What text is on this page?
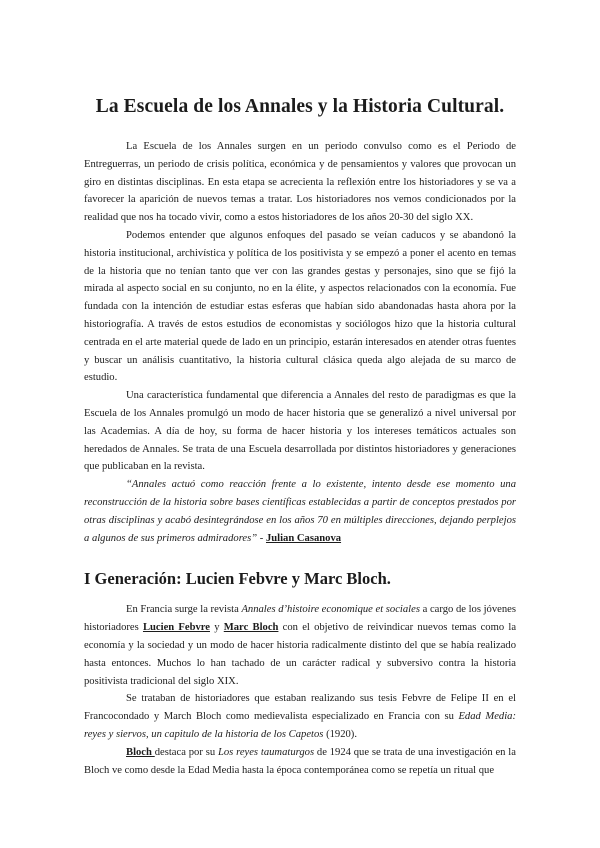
La Escuela de los Annales y la Historia Cultural.

La Escuela de los Annales surgen en un periodo convulso como es el Periodo de Entreguerras, un periodo de crisis política, económica y de pensamientos y valores que provocan un giro en distintas disciplinas. En esta etapa se acrecienta la reflexión entre los historiadores y se va a favorecer la aparición de nuevos temas a tratar. Los historiadores nos vemos condicionados por la realidad que nos ha tocado vivir, como a estos historiadores de los años 20-30 del siglo XX.

Podemos entender que algunos enfoques del pasado se veían caducos y se abandonó la historia institucional, archivística y política de los positivista y se empezó a poner el acento en temas de la historia que no tenían tanto que ver con las grandes gestas y personajes, sino que se fijó la mirada al aspecto social en su conjunto, no en la élite, y aspectos relacionados con la economía. Fue fundada con la intención de estudiar estas esferas que habían sido abandonadas hasta ahora por la historiografía. A través de estos estudios de economistas y sociólogos hizo que la historia cultural centrada en el arte material quede de lado en un principio, estarán interesados en atender otras fuentes y buscar un análisis cuantitativo, la historia cultural clásica queda algo alejada de su marco de estudio.

Una característica fundamental que diferencia a Annales del resto de paradigmas es que la Escuela de los Annales promulgó un modo de hacer historia que se generalizó a nivel universal por las Academias. A día de hoy, su forma de hacer historia y los intereses temáticos actuales son heredados de Annales. Se trata de una Escuela desarrollada por distintos historiadores y generaciones que publicaban en la revista.

“Annales actuó como reacción frente a lo existente, intento desde ese momento una reconstrucción de la historia sobre bases científicas establecidas a partir de conceptos prestados por otras disciplinas y acabó desintegrándose en los años 70 en múltiples direcciones, dejando perplejos a algunos de sus primeros admiradores” - Julian Casanova

I Generación: Lucien Febvre y Marc Bloch.

En Francia surge la revista Annales d’histoire economique et sociales a cargo de los jóvenes historiadores Lucien Febvre y Marc Bloch con el objetivo de reivindicar nuevos temas como la economía y la sociedad y un modo de hacer historia radicalmente distinto del que se había realizado hasta entonces. Muchos lo han tachado de un carácter radical y subversivo contra la historia positivista tradicional del siglo XIX.

Se trataban de historiadores que estaban realizando sus tesis Febvre de Felipe II en el Francocondado y March Bloch como medievalista especializado en Francia con su Edad Media: reyes y siervos, un capitulo de la historia de los Capetos (1920).

Bloch destaca por su Los reyes taumaturgos de 1924 que se trata de una investigación en la Bloch ve como desde la Edad Media hasta la época contemporánea como se repetía un ritual que
